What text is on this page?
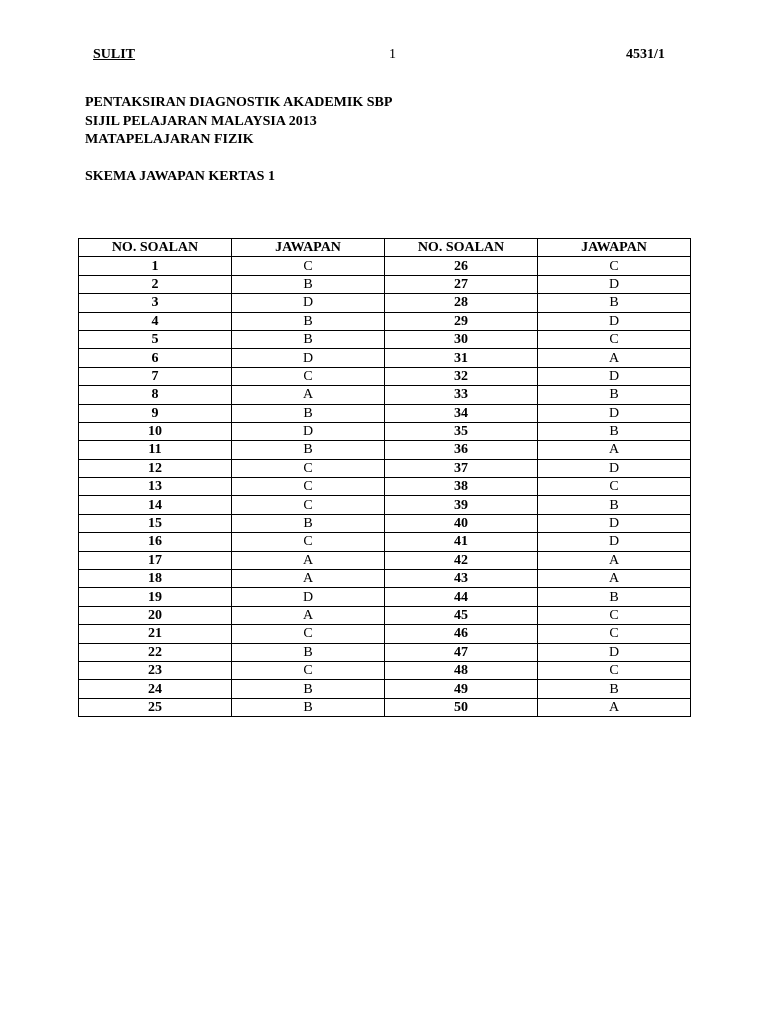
SULIT	1	4531/1
PENTAKSIRAN DIAGNOSTIK AKADEMIK SBP
SIJIL PELAJARAN MALAYSIA 2013
MATAPELAJARAN FIZIK
SKEMA JAWAPAN KERTAS 1
NO. SOALAN	JAWAPAN	NO. SOALAN	JAWAPAN
1	C	26	C
2	B	27	D
3	D	28	B
4	B	29	D
5	B	30	C
6	D	31	A
7	C	32	D
8	A	33	B
9	B	34	D
10	D	35	B
11	B	36	A
12	C	37	D
13	C	38	C
14	C	39	B
15	B	40	D
16	C	41	D
17	A	42	A
18	A	43	A
19	D	44	B
20	A	45	C
21	C	46	C
22	B	47	D
23	C	48	C
24	B	49	B
25	B	50	A
